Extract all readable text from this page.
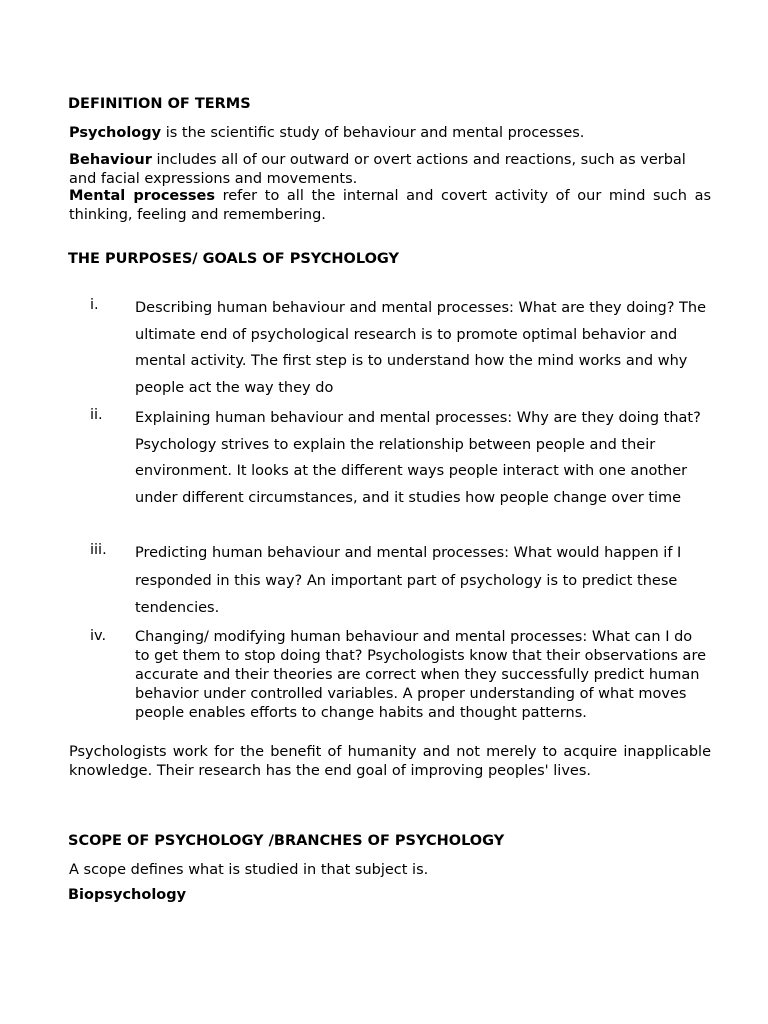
DEFINITION OF TERMS

Psychology is the scientific study of behaviour and mental processes.

Behaviour includes all of our outward or overt actions and reactions, such as verbal and facial expressions and movements.

Mental processes refer to all the internal and covert activity of our mind such as thinking, feeling and remembering.

THE PURPOSES/ GOALS OF PSYCHOLOGY
i.	Describing human behaviour and mental processes: What are they doing? The ultimate end of psychological research is to promote optimal behavior and mental activity. The first step is to understand how the mind works and why people act the way they do

ii. Explaining human behaviour and mental processes: Why are they doing that? Psychology strives to explain the relationship between people and their environment. It looks at the different ways people interact with one another under different circumstances, and it studies how people change over time

iii. Predicting human behaviour and mental processes: What would happen if I responded in this way? An important part of psychology is to predict these tendencies.

iv. Changing/ modifying human behaviour and mental processes: What can I do to get them to stop doing that? Psychologists know that their observations are accurate and their theories are correct when they successfully predict human behavior under controlled variables. A proper understanding of what moves people enables efforts to change habits and thought patterns.

Psychologists work for the benefit of humanity and not merely to acquire inapplicable knowledge. Their research has the end goal of improving peoples' lives.

SCOPE OF PSYCHOLOGY /BRANCHES OF PSYCHOLOGY

A scope defines what is studied in that subject is.

Biopsychology
